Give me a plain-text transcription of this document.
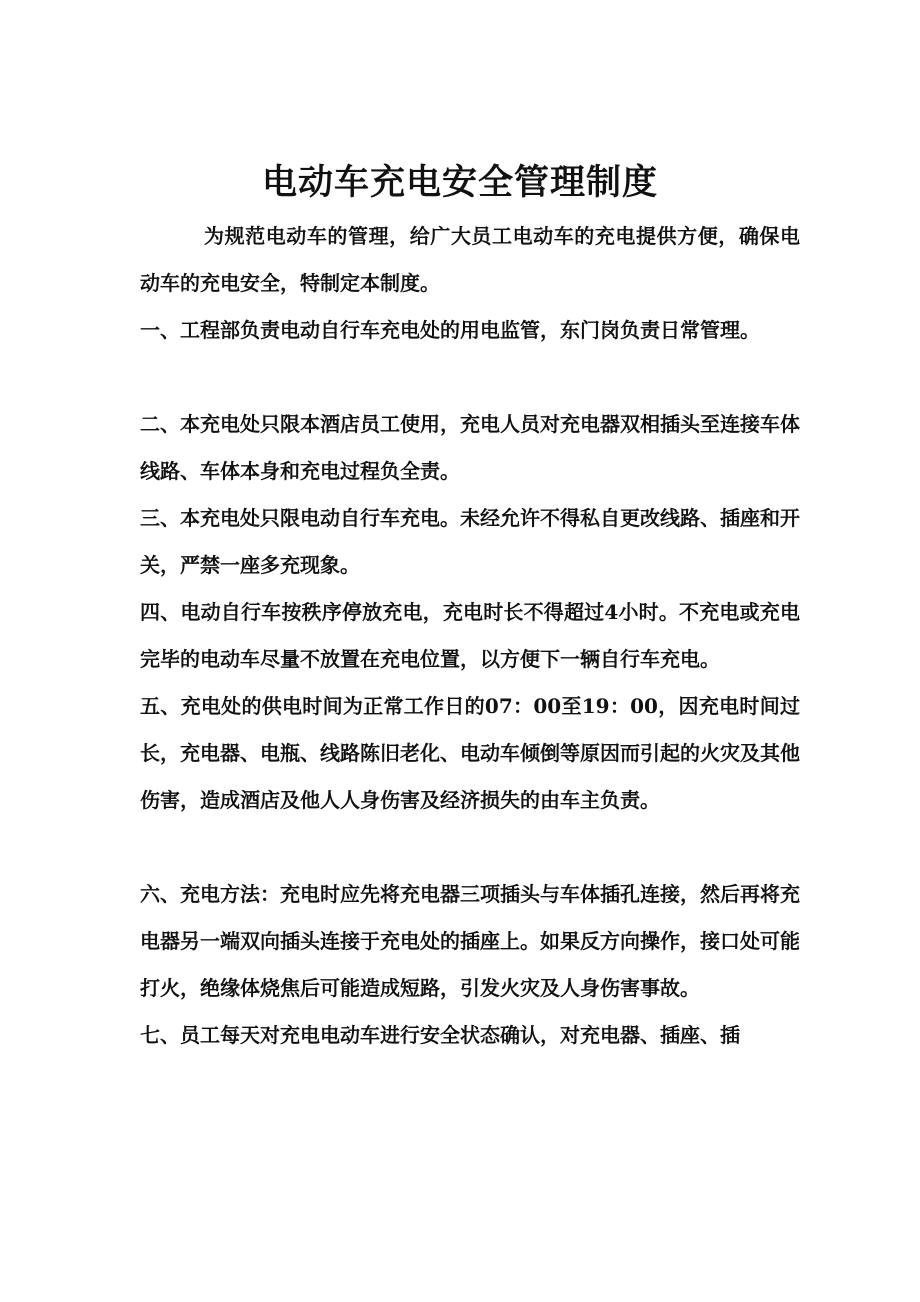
电动车充电安全管理制度

为规范电动车的管理，给广大员工电动车的充电提供方便，确保电动车的充电安全，特制定本制度。

一、工程部负责电动自行车充电处的用电监管，东门岗负责日常管理。

二、本充电处只限本酒店员工使用，充电人员对充电器双相插头至连接车体线路、车体本身和充电过程负全责。

三、本充电处只限电动自行车充电。未经允许不得私自更改线路、插座和开关，严禁一座多充现象。

四、电动自行车按秩序停放充电，充电时长不得超过4小时。不充电或充电完毕的电动车尽量不放置在充电位置，以方便下一辆自行车充电。

五、充电处的供电时间为正常工作日的07：00至19：00，因充电时间过长，充电器、电瓶、线路陈旧老化、电动车倾倒等原因而引起的火灾及其他伤害，造成酒店及他人人身伤害及经济损失的由车主负责。

六、充电方法：充电时应先将充电器三项插头与车体插孔连接，然后再将充电器另一端双向插头连接于充电处的插座上。如果反方向操作，接口处可能打火，绝缘体烧焦后可能造成短路，引发火灾及人身伤害事故。

七、员工每天对充电电动车进行安全状态确认，对充电器、插座、插
